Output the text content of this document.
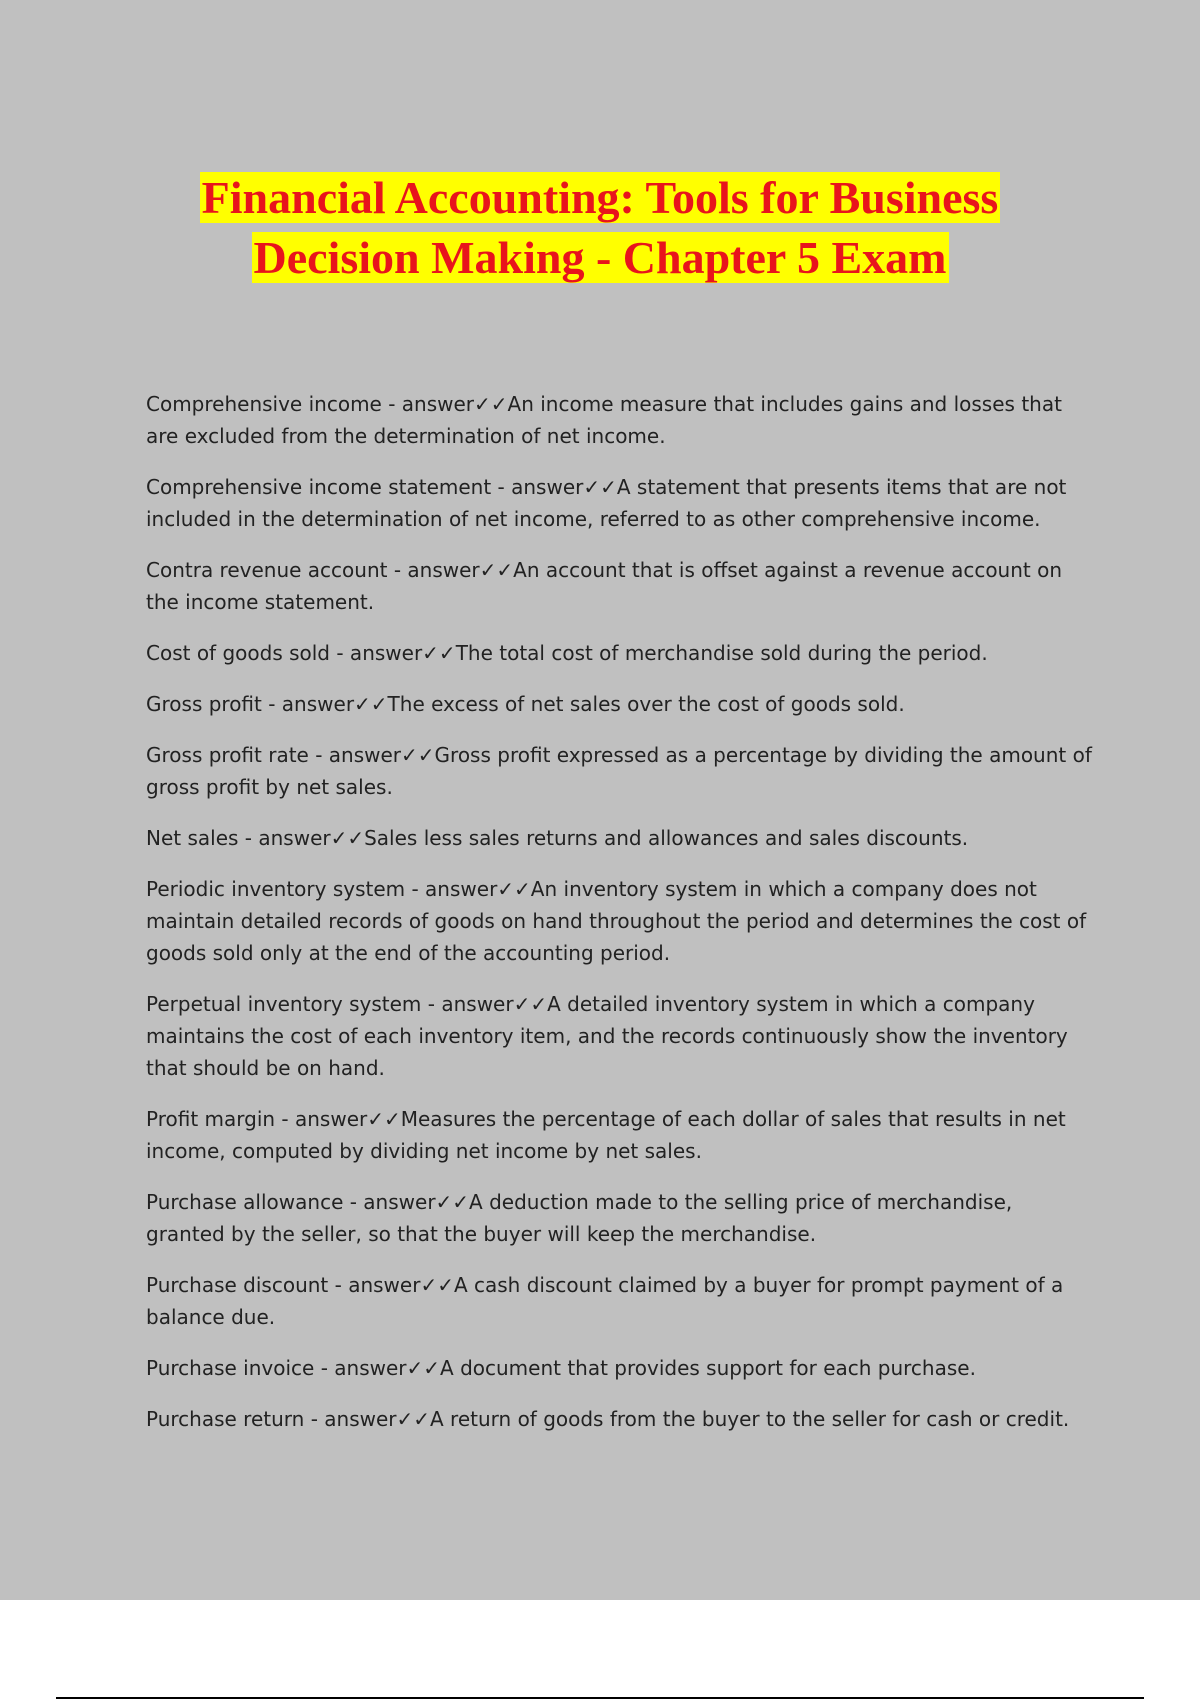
Financial Accounting: Tools for Business
Decision Making - Chapter 5 Exam

Comprehensive income - answer✓✓An income measure that includes gains and losses that are excluded from the determination of net income.

Comprehensive income statement - answer✓✓A statement that presents items that are not included in the determination of net income, referred to as other comprehensive income.

Contra revenue account - answer✓✓An account that is offset against a revenue account on the income statement.

Cost of goods sold - answer✓✓The total cost of merchandise sold during the period.

Gross profit - answer✓✓The excess of net sales over the cost of goods sold.

Gross profit rate - answer✓✓Gross profit expressed as a percentage by dividing the amount of gross profit by net sales.

Net sales - answer✓✓Sales less sales returns and allowances and sales discounts.

Periodic inventory system - answer✓✓An inventory system in which a company does not maintain detailed records of goods on hand throughout the period and determines the cost of goods sold only at the end of the accounting period.

Perpetual inventory system - answer✓✓A detailed inventory system in which a company maintains the cost of each inventory item, and the records continuously show the inventory that should be on hand.

Profit margin - answer✓✓Measures the percentage of each dollar of sales that results in net income, computed by dividing net income by net sales.

Purchase allowance - answer✓✓A deduction made to the selling price of merchandise, granted by the seller, so that the buyer will keep the merchandise.

Purchase discount - answer✓✓A cash discount claimed by a buyer for prompt payment of a balance due.

Purchase invoice - answer✓✓A document that provides support for each purchase.

Purchase return - answer✓✓A return of goods from the buyer to the seller for cash or credit.
